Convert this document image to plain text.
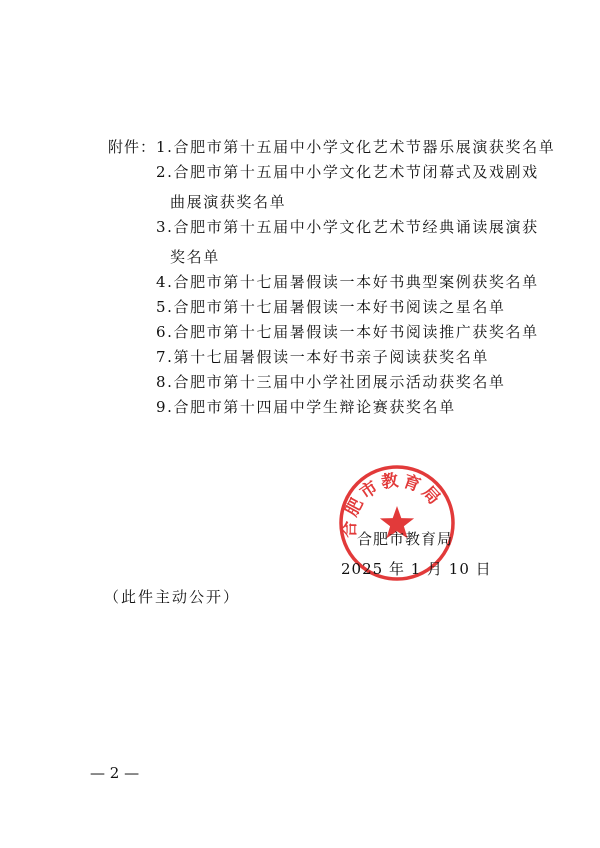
附件： 1.合肥市第十五届中小学文化艺术节器乐展演获奖名单
2.合肥市第十五届中小学文化艺术节闭幕式及戏剧戏
曲展演获奖名单
3.合肥市第十五届中小学文化艺术节经典诵读展演获
奖名单
4.合肥市第十七届暑假读一本好书典型案例获奖名单
5.合肥市第十七届暑假读一本好书阅读之星名单
6.合肥市第十七届暑假读一本好书阅读推广获奖名单
7.第十七届暑假读一本好书亲子阅读获奖名单
8.合肥市第十三届中小学社团展示活动获奖名单
9.合肥市第十四届中学生辩论赛获奖名单
合肥市教育局
合肥市教育局
2025 年 1 月 10 日
（此件主动公开）
— 2 —
